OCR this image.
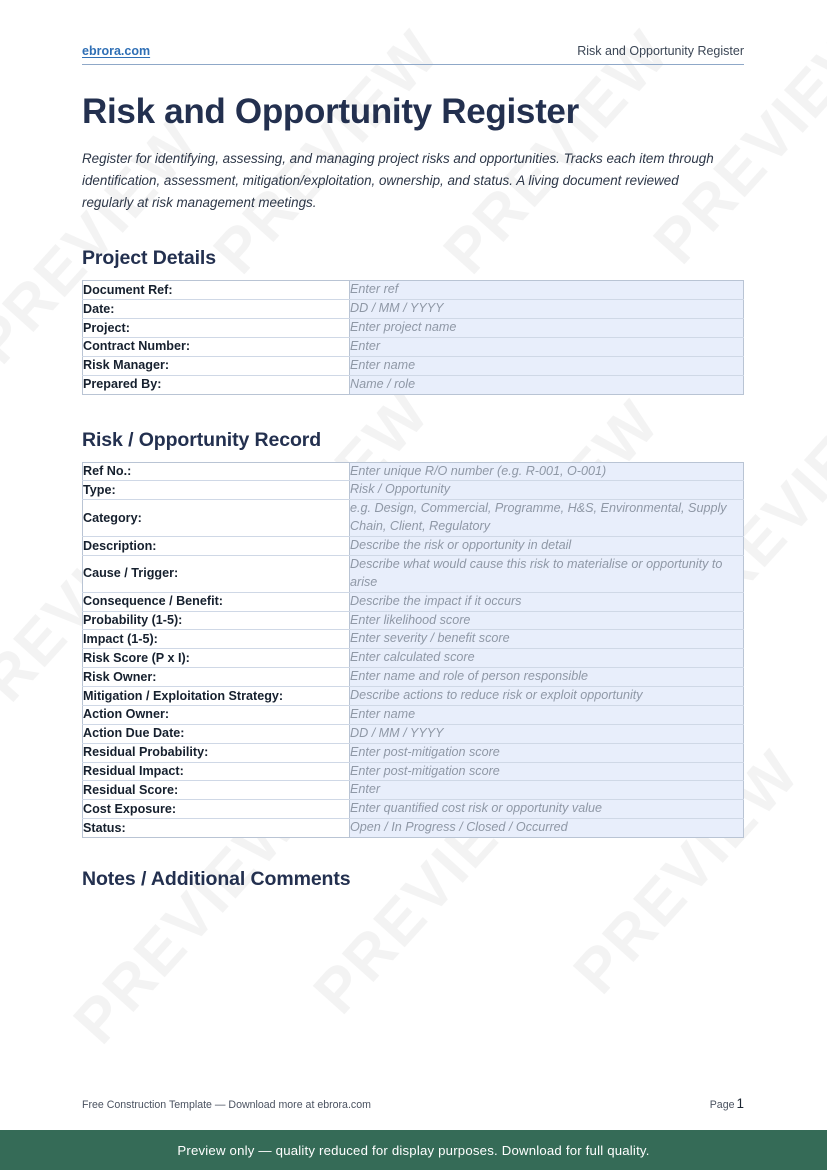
ebrora.com	Risk and Opportunity Register
Risk and Opportunity Register

Register for identifying, assessing, and managing project risks and opportunities. Tracks each item through identification, assessment, mitigation/exploitation, ownership, and status. A living document reviewed regularly at risk management meetings.

Project Details
Document Ref:	Enter ref
Date:	DD / MM / YYYY
Project:	Enter project name
Contract Number:	Enter
Risk Manager:	Enter name
Prepared By:	Name / role
Risk / Opportunity Record
Ref No.:	Enter unique R/O number (e.g. R-001, O-001)
Type:	Risk / Opportunity
Category:	e.g. Design, Commercial, Programme, H&S, Environmental, Supply Chain, Client, Regulatory
Description:	Describe the risk or opportunity in detail
Cause / Trigger:	Describe what would cause this risk to materialise or opportunity to arise
Consequence / Benefit:	Describe the impact if it occurs
Probability (1-5):	Enter likelihood score
Impact (1-5):	Enter severity / benefit score
Risk Score (P x I):	Enter calculated score
Risk Owner:	Enter name and role of person responsible
Mitigation / Exploitation Strategy:	Describe actions to reduce risk or exploit opportunity
Action Owner:	Enter name
Action Due Date:	DD / MM / YYYY
Residual Probability:	Enter post-mitigation score
Residual Impact:	Enter post-mitigation score
Residual Score:	Enter
Cost Exposure:	Enter quantified cost risk or opportunity value
Status:	Open / In Progress / Closed / Occurred
Notes / Additional Comments
Free Construction Template — Download more at ebrora.com	Page 1
Preview only — quality reduced for display purposes. Download for full quality.
